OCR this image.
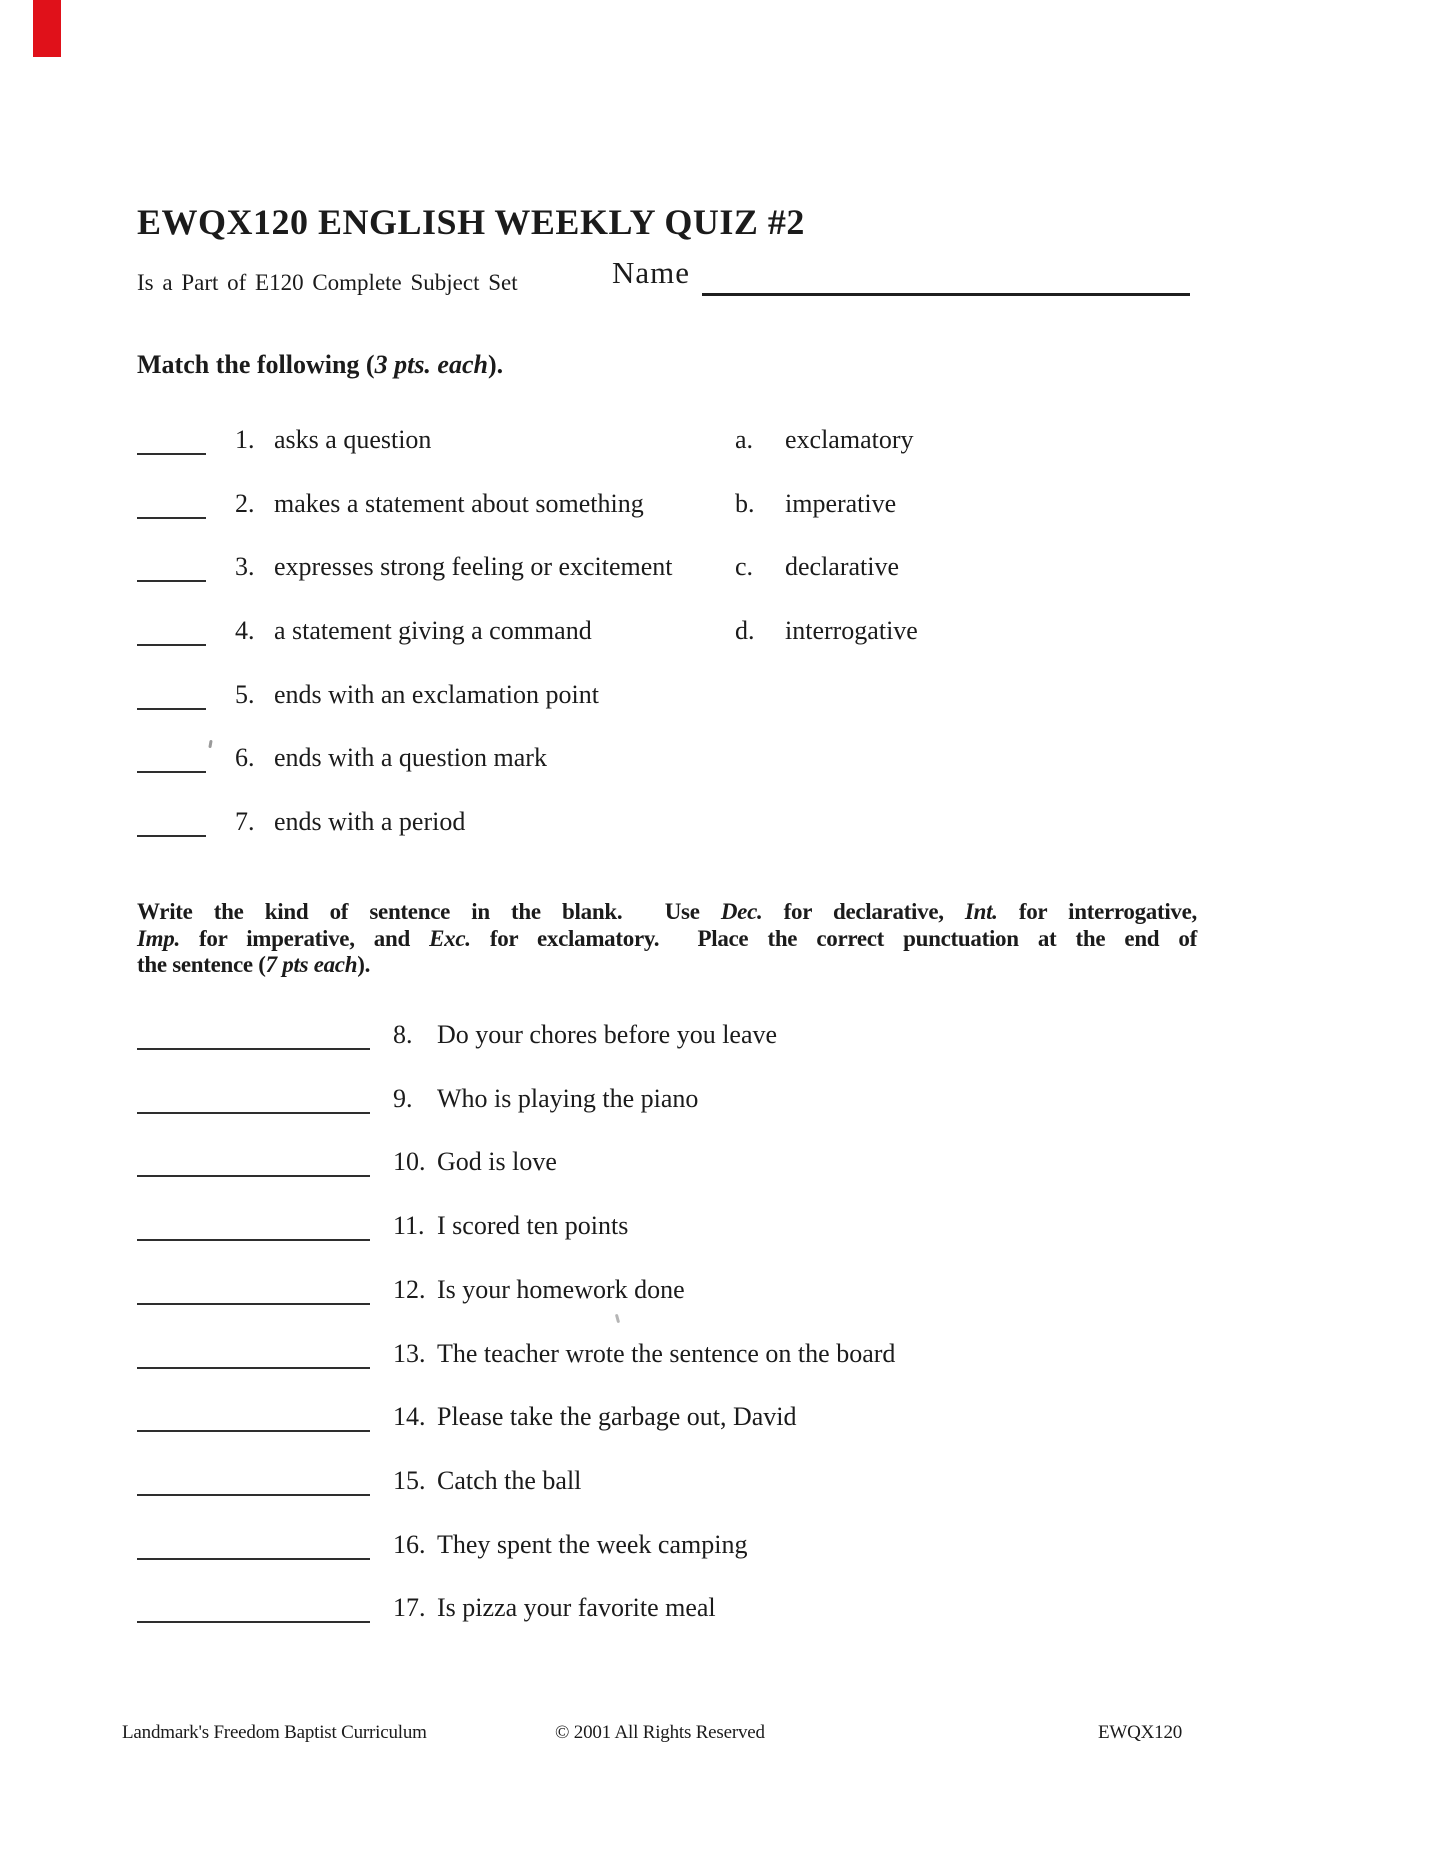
EWQX120 ENGLISH WEEKLY QUIZ #2
Is a Part of E120 Complete Subject Set	Name
Match the following (3 pts. each).
1. asks a question	a. exclamatory
2. makes a statement about something	b. imperative
3. expresses strong feeling or excitement c. declarative
4. a statement giving a command	d. interrogative
5. ends with an exclamation point
6. ends with a question mark
7. ends with a period
Write the kind of sentence in the blank.  Use Dec. for declarative, Int. for interrogative,
Imp. for imperative, and Exc. for exclamatory.  Place the correct punctuation at the end of
the sentence (7 pts each).
8. Do your chores before you leave
9. Who is playing the piano
10. God is love
11. I scored ten points
12. Is your homework done
13. The teacher wrote the sentence on the board
14. Please take the garbage out, David
15. Catch the ball
16. They spent the week camping
17. Is pizza your favorite meal
Landmark's Freedom Baptist Curriculum	© 2001 All Rights Reserved	EWQX120
